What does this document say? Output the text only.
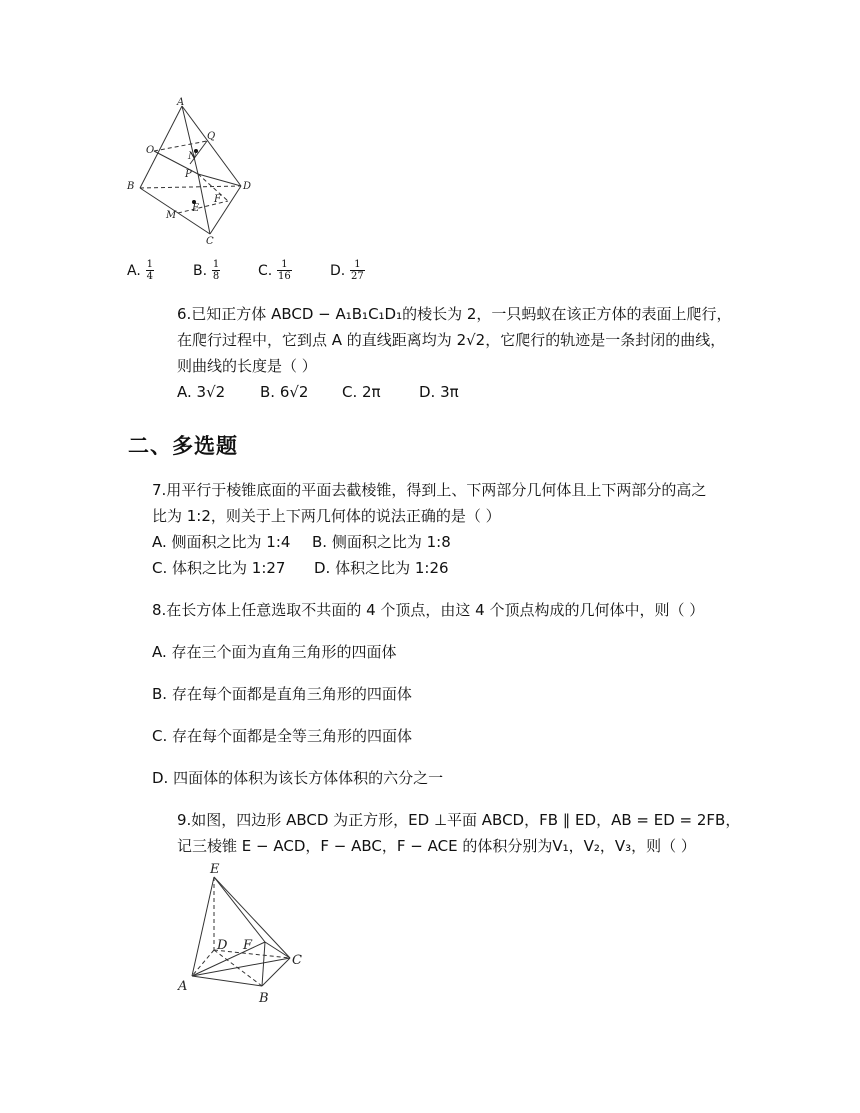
A
O
Q
N
P
B	D
F
M
E
C
A. $\frac{1}{4}$	B. $\frac{1}{8}$	C. $\frac{1}{16}$	D. $\frac{1}{27}$
6.已知正方体 ABCD − A₁B₁C₁D₁的棱长为 2，一只蚂蚁在该正方体的表面上爬行，
在爬行过程中，它到点 A 的直线距离均为 2√2，它爬行的轨迹是一条封闭的曲线，
则曲线的长度是（ ）
A. 3√2 B. 6√2 C. 2π	D. 3π
二、多选题
7.用平行于棱锥底面的平面去截棱锥，得到上、下两部分几何体且上下两部分的高之
比为 1:2，则关于上下两几何体的说法正确的是（ ）
A. 侧面积之比为 1:4 B. 侧面积之比为 1:8
C. 体积之比为 1:27 D. 体积之比为 1:26
8.在长方体上任意选取不共面的 4 个顶点，由这 4 个顶点构成的几何体中，则（ ）
A. 存在三个面为直角三角形的四面体
B. 存在每个面都是直角三角形的四面体
C. 存在每个面都是全等三角形的四面体
D. 四面体的体积为该长方体体积的六分之一
9.如图，四边形 ABCD 为正方形，ED ⊥平面 ABCD，FB ∥ ED，AB = ED = 2FB，
记三棱锥 E − ACD，F − ABC，F − ACE 的体积分别为V₁，V₂，V₃，则（ ）
E
D F
C
A
B
